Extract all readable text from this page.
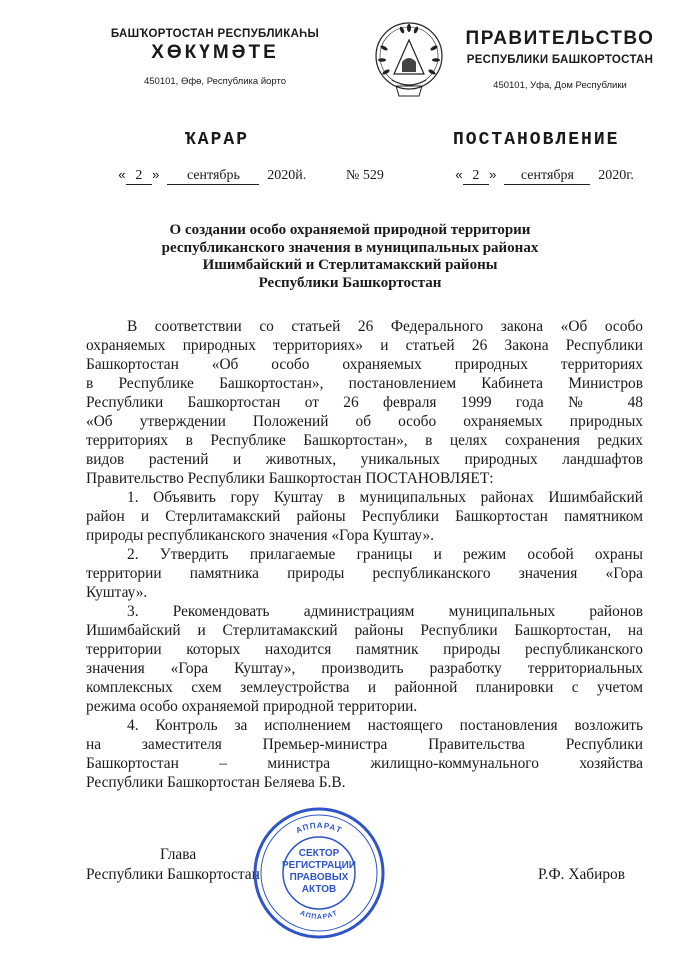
БАШҠОРТОСТАН РЕСПУБЛИКАҺЫ
ХӨКҮМӘТЕ
450101, Өфө, Республика йорто
ПРАВИТЕЛЬСТВО
РЕСПУБЛИКИ БАШКОРТОСТАН
450101, Уфа, Дом Республики
ҠАРАР	ПОСТАНОВЛЕНИЕ
« 2 » сентябрь 2020й.	№ 529	« 2 » сентября 2020г.
О создании особо охраняемой природной территории
республиканского значения в муниципальных районах
Ишимбайский и Стерлитамакский районы
Республики Башкортостан
В соответствии со статьей 26 Федерального закона «Об особо
охраняемых природных территориях» и статьей 26 Закона Республики
Башкортостан «Об особо охраняемых природных территориях
в Республике Башкортостан», постановлением Кабинета Министров
Республики Башкортостан от 26 февраля 1999 года № 48
«Об утверждении Положений об особо охраняемых природных
территориях в Республике Башкортостан», в целях сохранения редких
видов растений и животных, уникальных природных ландшафтов
Правительство Республики Башкортостан ПОСТАНОВЛЯЕТ:
1. Объявить гору Куштау в муниципальных районах Ишимбайский
район и Стерлитамакский районы Республики Башкортостан памятником
природы республиканского значения «Гора Куштау».
2. Утвердить прилагаемые границы и режим особой охраны
территории памятника природы республиканского значения «Гора
Куштау».
3. Рекомендовать администрациям муниципальных районов
Ишимбайский и Стерлитамакский районы Республики Башкортостан, на
территории которых находится памятник природы республиканского
значения «Гора Куштау», производить разработку территориальных
комплексных схем землеустройства и районной планировки с учетом
режима особо охраняемой природной территории.
4. Контроль за исполнением настоящего постановления возложить
на заместителя Премьер-министра Правительства Республики
Башкортостан – министра жилищно-коммунального хозяйства
Республики Башкортостан Беляева Б.В.
Глава
Республики Башкортостан	Р.Ф. Хабиров
АППАРАТ
АППАРАТ
СЕКТОР
РЕГИСТРАЦИИ
ПРАВОВЫХ
АКТОВ
